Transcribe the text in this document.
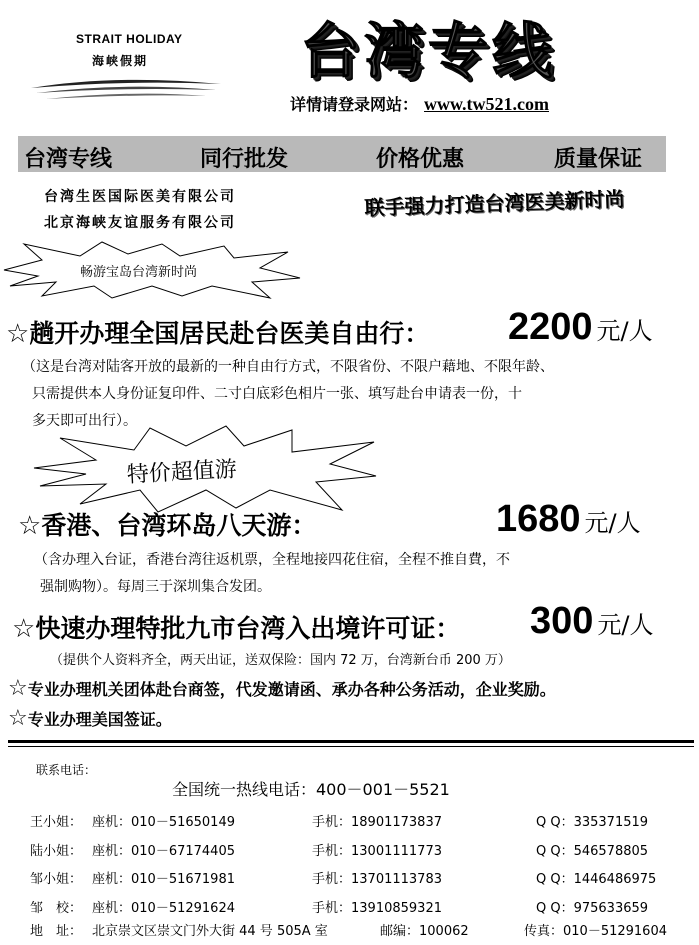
STRAIT HOLIDAY
海峡假期	台湾专线
详情请登录网站： www.tw521.com
台湾专线	同行批发	价格优惠	质量保证
台湾生医国际医美有限公司
北京海峡友谊服务有限公司
联手强力打造台湾医美新时尚
畅游宝岛台湾新时尚
☆趟开办理全国居民赴台医美自由行： 2200 元/人
（这是台湾对陆客开放的最新的一种自由行方式，不限省份、不限户藉地、不限年龄、
只需提供本人身份证复印件、二寸白底彩色相片一张、填写赴台申请表一份，十
多天即可出行）。
特价超值游
☆香港、台湾环岛八天游：	1680 元/人
（含办理入台证，香港台湾往返机票，全程地接四花住宿，全程不推自費，不
强制购物）。每周三于深圳集合发团。
☆快速办理特批九市台湾入出境许可证： 300 元/人
（提供个人资料齐全，两天出证，送双保险：国内 72 万，台湾新台币 200 万）
☆专业办理机关团体赴台商签，代发邀请函、承办各种公务活动，企业奖励。
☆专业办理美国签证。
联系电话：
全国统一热线电话：400－001－5521
王小姐： 座机：010－51650149	手机：18901173837	Q Q：335371519
陆小姐： 座机：010－67174405	手机：13001111773	Q Q：546578805
邹小姐： 座机：010－51671981	手机：13701113783	Q Q：1446486975
邹　校： 座机：010－51291624	手机：13910859321	Q Q：975633659
地　址： 北京崇文区崇文门外大街 44 号 505A 室	邮编：100062	传真：010－51291604
